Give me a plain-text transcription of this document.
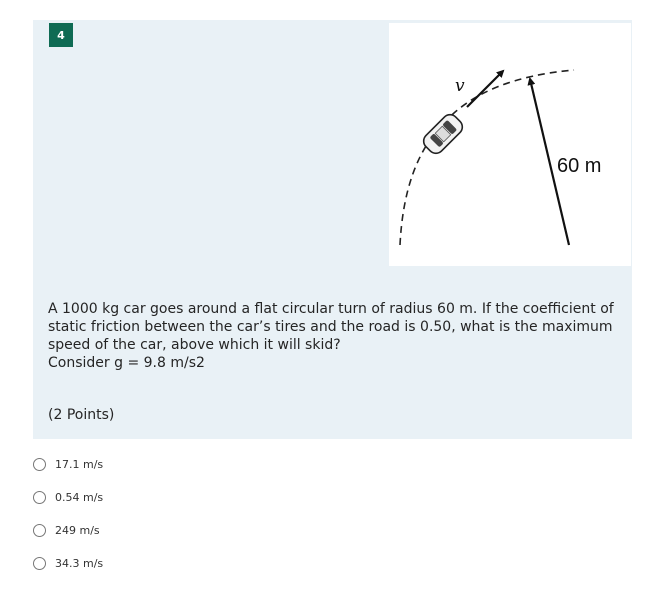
4
v
60 m

A 1000 kg car goes around a flat circular turn of radius 60 m. If the coefficient of static friction between the car’s tires and the road is 0.50, what is the maximum speed of the car, above which it will skid?

Consider g = 9.8 m/s2

(2 Points)
17.1 m/s
0.54 m/s
249 m/s
34.3 m/s
